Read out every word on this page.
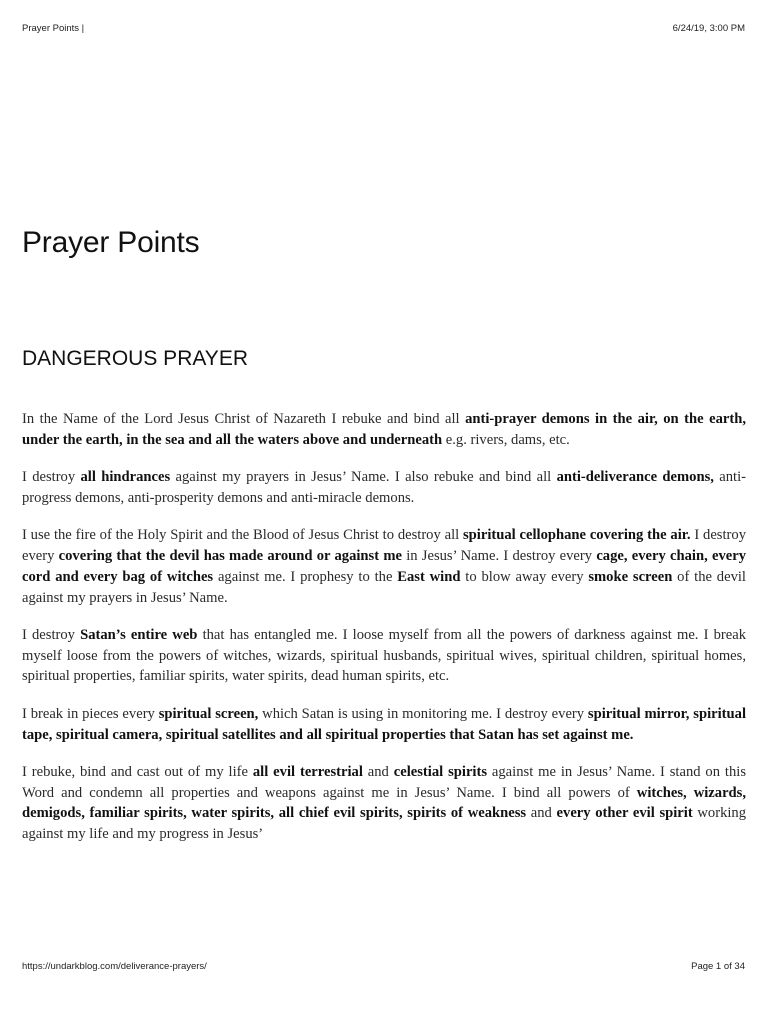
Prayer Points |	6/24/19, 3:00 PM
Prayer Points
DANGEROUS PRAYER

In the Name of the Lord Jesus Christ of Nazareth I rebuke and bind all anti-prayer demons in the air, on the earth, under the earth, in the sea and all the waters above and underneath e.g. rivers, dams, etc.

I destroy all hindrances against my prayers in Jesus’ Name. I also rebuke and bind all anti-deliverance demons, anti-progress demons, anti-prosperity demons and anti-miracle demons.

I use the fire of the Holy Spirit and the Blood of Jesus Christ to destroy all spiritual cellophane covering the air. I destroy every covering that the devil has made around or against me in Jesus’ Name. I destroy every cage, every chain, every cord and every bag of witches against me. I prophesy to the East wind to blow away every smoke screen of the devil against my prayers in Jesus’ Name.

I destroy Satan’s entire web that has entangled me. I loose myself from all the powers of darkness against me. I break myself loose from the powers of witches, wizards, spiritual husbands, spiritual wives, spiritual children, spiritual homes, spiritual properties, familiar spirits, water spirits, dead human spirits, etc.

I break in pieces every spiritual screen, which Satan is using in monitoring me. I destroy every spiritual mirror, spiritual tape, spiritual camera, spiritual satellites and all spiritual properties that Satan has set against me.

I rebuke, bind and cast out of my life all evil terrestrial and celestial spirits against me in Jesus’ Name. I stand on this Word and condemn all properties and weapons against me in Jesus’ Name. I bind all powers of witches, wizards, demigods, familiar spirits, water spirits, all chief evil spirits, spirits of weakness and every other evil spirit working against my life and my progress in Jesus’

https://undarkblog.com/deliverance-prayers/	Page 1 of 34
